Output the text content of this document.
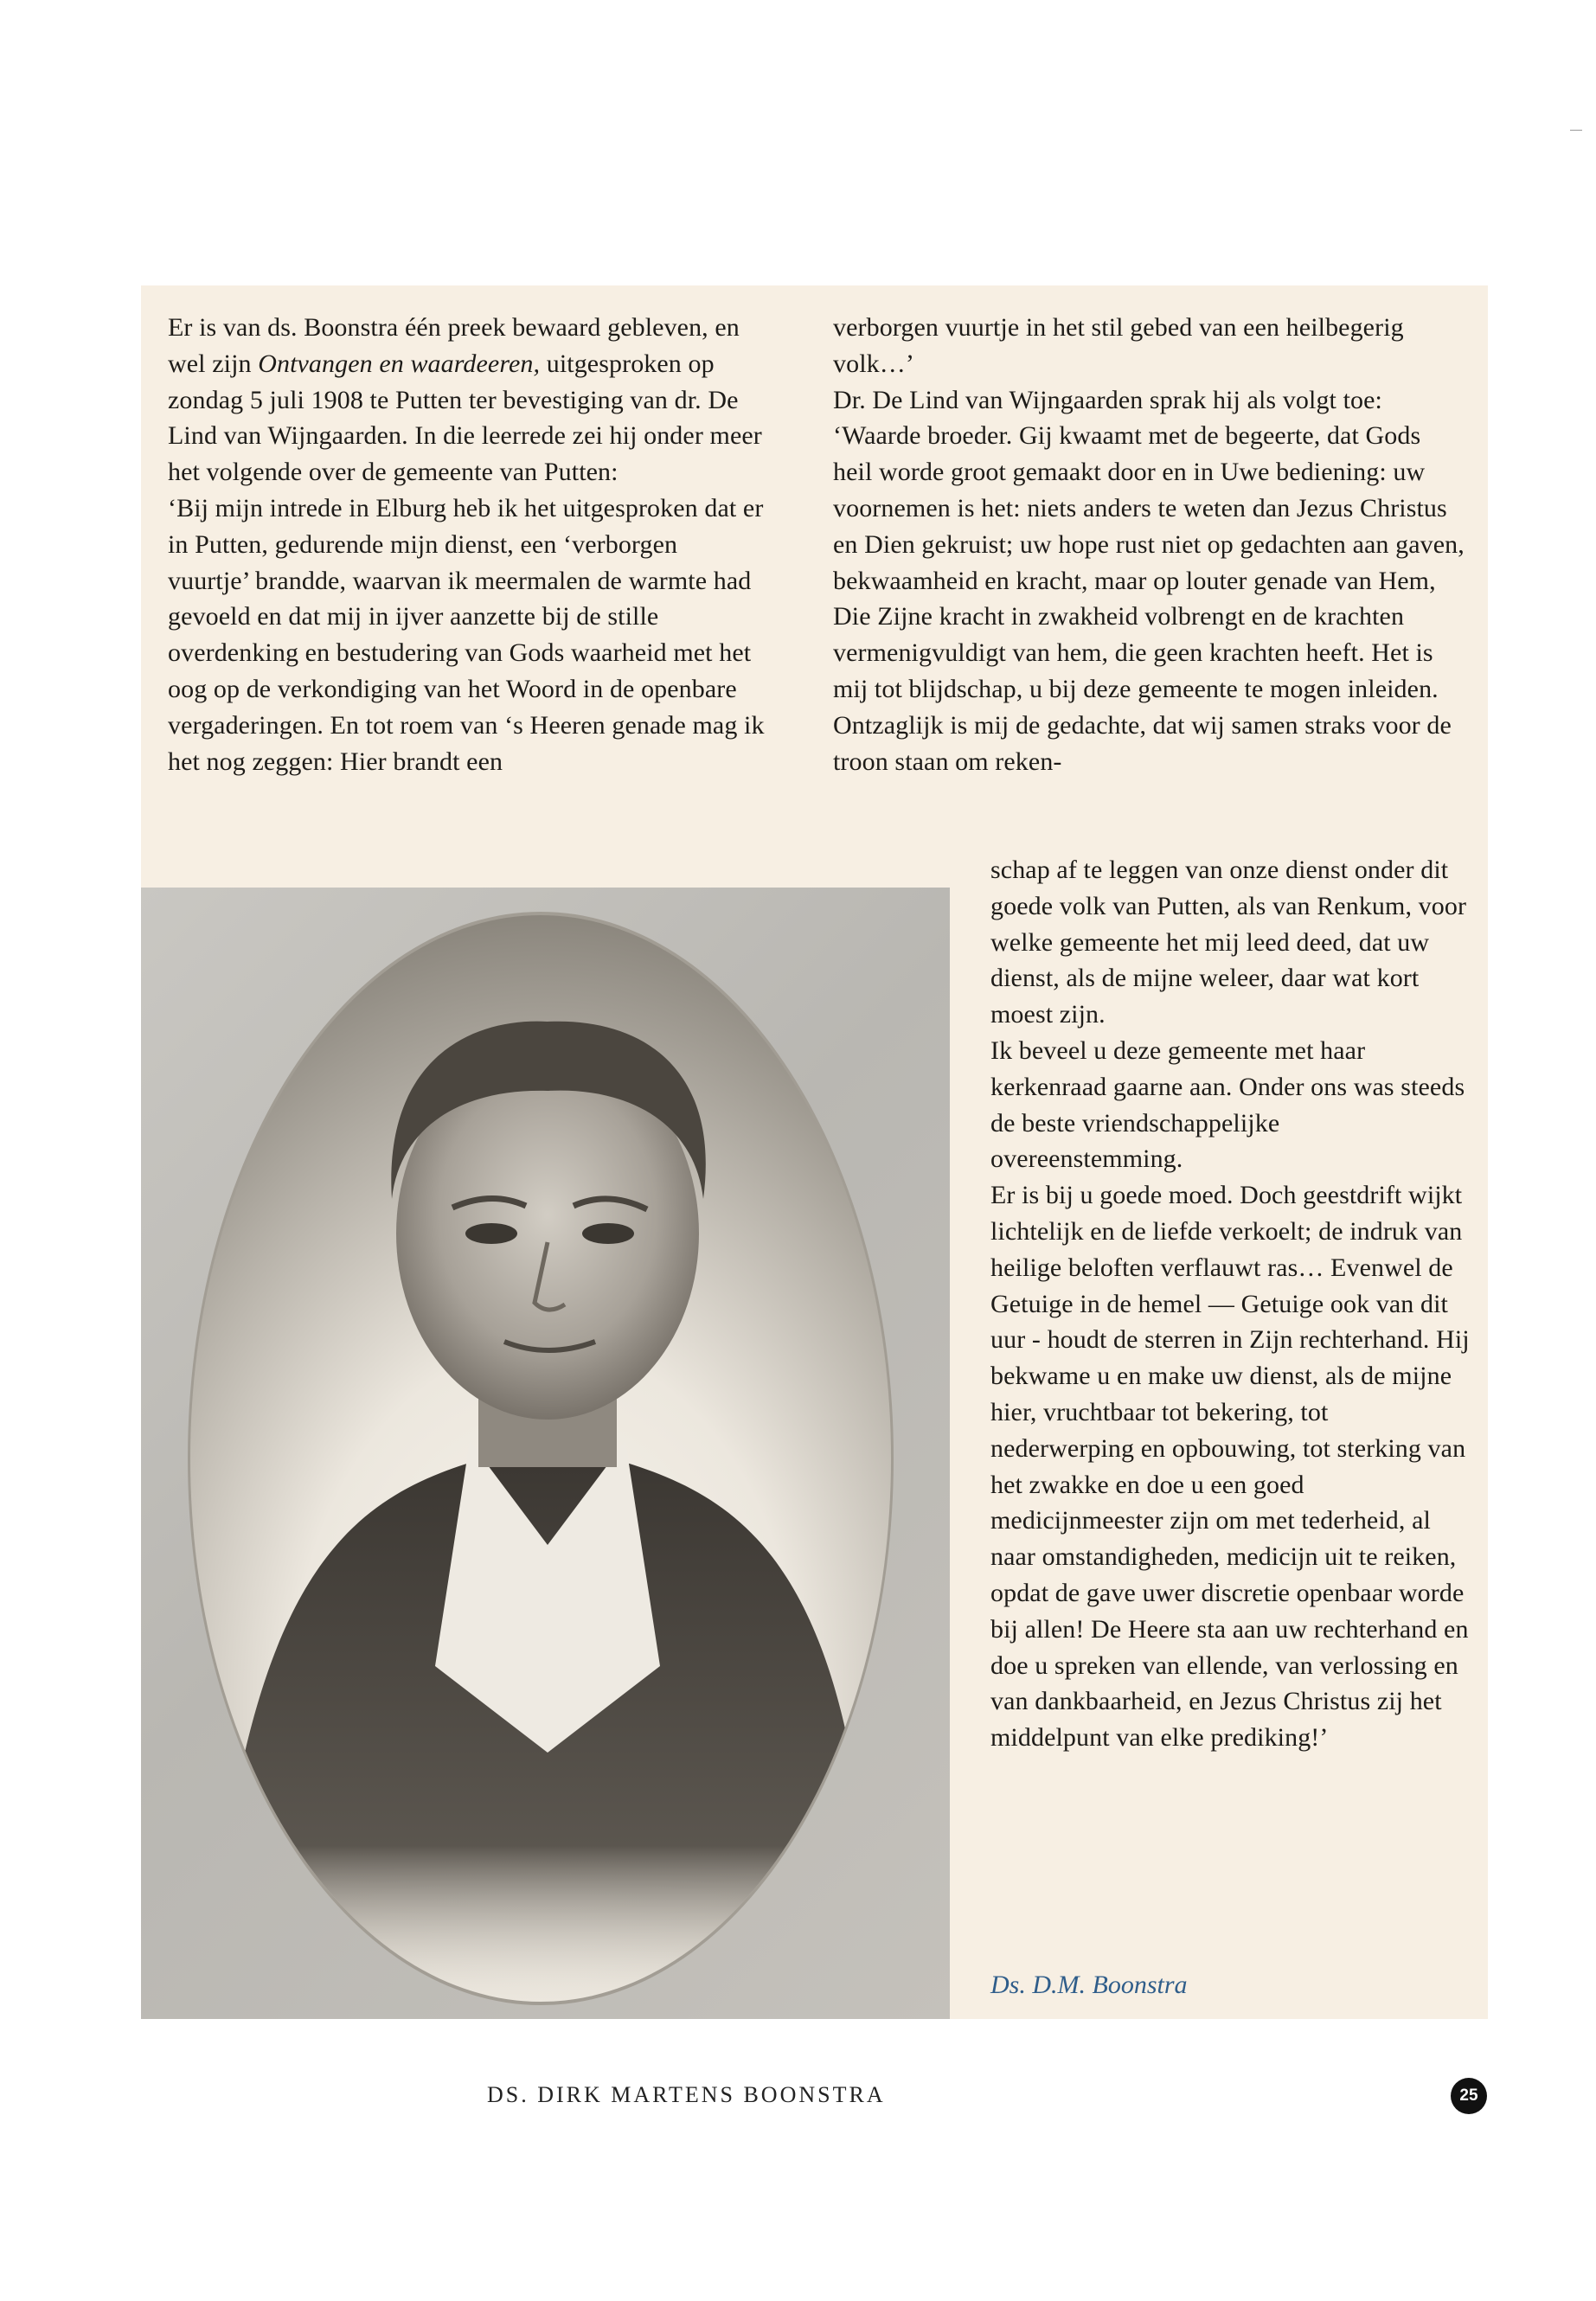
Er is van ds. Boonstra één preek bewaard gebleven, en wel zijn Ontvangen en waardeeren, uitgesproken op zondag 5 juli 1908 te Putten ter bevestiging van dr. De Lind van Wijngaarden. In die leerrede zei hij onder meer het volgende over de gemeente van Putten:

‘Bij mijn intrede in Elburg heb ik het uitgesproken dat er in Putten, gedurende mijn dienst, een ‘verborgen vuurtje’ brandde, waarvan ik meermalen de warmte had gevoeld en dat mij in ijver aanzette bij de stille overdenking en bestudering van Gods waarheid met het oog op de verkondiging van het Woord in de openbare vergaderingen. En tot roem van ‘s Heeren genade mag ik het nog zeggen: Hier brandt een

verborgen vuurtje in het stil gebed van een heilbegerig volk…’

Dr. De Lind van Wijngaarden sprak hij als volgt toe:

‘Waarde broeder. Gij kwaamt met de begeerte, dat Gods heil worde groot gemaakt door en in Uwe bediening: uw voornemen is het: niets anders te weten dan Jezus Christus en Dien gekruist; uw hope rust niet op gedachten aan gaven, bekwaamheid en kracht, maar op louter genade van Hem, Die Zijne kracht in zwakheid volbrengt en de krachten vermenigvuldigt van hem, die geen krachten heeft. Het is mij tot blijdschap, u bij deze gemeente te mogen inleiden. Ontzaglijk is mij de gedachte, dat wij samen straks voor de troon staan om reken-

schap af te leggen van onze dienst onder dit goede volk van Putten, als van Renkum, voor welke gemeente het mij leed deed, dat uw dienst, als de mijne weleer, daar wat kort moest zijn.

Ik beveel u deze gemeente met haar kerkenraad gaarne aan. Onder ons was steeds de beste vriendschappelijke overeenstemming.

Er is bij u goede moed. Doch geestdrift wijkt lichtelijk en de liefde verkoelt; de indruk van heilige beloften verflauwt ras… Evenwel de Getuige in de hemel — Getuige ook van dit uur - houdt de sterren in Zijn rechterhand. Hij bekwame u en make uw dienst, als de mijne hier, vruchtbaar tot bekering, tot nederwerping en opbouwing, tot sterking van het zwakke en doe u een goed medicijnmeester zijn om met tederheid, al naar omstandigheden, medicijn uit te reiken, opdat de gave uwer discretie openbaar worde bij allen! De Heere sta aan uw rechterhand en doe u spreken van ellende, van verlossing en van dankbaarheid, en Jezus Christus zij het middelpunt van elke prediking!’

Ds. D.M. Boonstra
DS. DIRK MARTENS BOONSTRA	25
